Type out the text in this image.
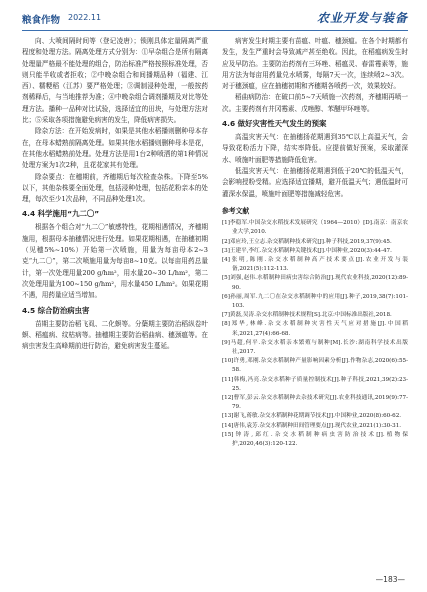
粮食作物 2022.11	农业开发与装备

向、大喷间隔时间等（登记凌唐）；锁刚具体定量隔离严重程度和处理方法。隔离处理方式分别为：①早杂组合是所有隔离处理量严格最不能处理的组合，防治标准严格按照标准处理，否则只能半收或者拒收；②中晚杂组合和间播期品种（福建、江西）、糯粳稻（江苏）要严格处理；③调制浸种处理，一般按药剂稀释后，与当地推荐为准；④中晚杂组合调剂播期及对比等处理方法。播种一品种对比试验，选择适宜的田块，与处理方法对比；⑤采取各项措施避免病害的发生，降低病害损失。

除杂方法：在开始发病时，如果是其他水稻播则删种母本存在，在母本蜡熟前隔离处理。如果其他水稻播则删种母本是花，在其他水稻蜡熟前处理。处理方法是用1台2种喷洒的第1种情况处理方案为1次2种，且花花家其有处理。

除杂要点：在穗期前，齐穗期后每次检查杂株。下降至5%以下，其他杂株要全面处理，包括浸种处理，包括花粉亲本的处理，每次至少1次品种，不同品种处理1次。

4.4 科学施用“九二〇”

根据各个组合对“九二〇”敏感特性，花期相遇情况，齐穗期施用，根据母本抽穗情况进行处理。如果花期相遇，在抽穗初期（见穗5%~10%）开始第一次喷施，用量为每亩母本2~3克“九二〇”，第二次喷施用量为每亩8~10克。以每亩用药总量计，第一次处理用量200 g/hm²，用水量20~30 L/hm²，第二次处理用量为100~150 g/hm²，用水量450 L/hm²。如果花期不遇，用药量应适当增加。

4.5 综合防治病虫害

苗期主要防治稻飞虱、二化螟等。分蘖期主要防治稻纵卷叶螟、稻瘟病、纹枯病等。抽穗期主要防治稻曲病、穗颈瘟等。在病虫害发生高峰期前进行防治，避免病害发生蔓延。

病害发生时期主要有苗瘟、叶瘟、穗颈瘟。在各个时期都有发生，发生严重时会导致减产甚至绝收。因此，在稻瘟病发生时应及早防治。主要防治药剂有三环唑、稻瘟灵、春雷霉素等，施用方法为每亩用药量兑水喷雾，每隔7天一次，连续喷2~3次。对于穗颈瘟，应在抽穗初期和齐穗期各喷药一次，效果较好。

稻曲病防治：在破口前5~7天喷施一次药剂，齐穗期再喷一次。主要药剂有井冈霉素、戊唑醇、苯醚甲环唑等。

4.6 做好灾害性天气发生的预案

高温灾害天气：在抽穗扬花期遇到35℃以上高温天气，会导致花粉活力下降，结实率降低。应提前做好预案，采取灌深水、喷施叶面肥等措施降低危害。

低温灾害天气：在抽穗扬花期遇到低于20℃的低温天气，会影响授粉受精。应选择适宜播期，避开低温天气；遇低温时可灌深水保温，喷施叶面肥等措施减轻危害。

参考文献
[1]李稳军.中国杂交水稻技术发展研究（1964—2010）[D].南京：南京农业大学,2010.
[2]邓应玲,王立志.杂交稻制种技术研究[J].种子科技,2019,37(9):45.
[3]王建平,李红.杂交水稻制种关键技术[J].中国种业,2020(3):44-47.
[4]张明,陈刚.杂交水稻制种高产技术要点[J].农业开发与装备,2021(5):112-113.
[5]刘强,赵伟.水稻制种田病虫害综合防治[J].现代农业科技,2020(12):89-90.
[6]孙丽,周军.九二〇在杂交水稻制种中的应用[J].种子,2019,38(7):101-103.
[7]黄磊,吴涛.杂交水稻制种技术规程[S].北京:中国标准出版社,2018.
[8]郑华,林峰.杂交水稻制种灾害性天气应对措施[J].中国稻米,2021,27(4):66-68.
[9]马超,何平.杂交水稻亲本繁殖与制种[M].长沙:湖南科学技术出版社,2017.
[10]许勇,邓刚.杂交水稻制种产量影响因素分析[J].作物杂志,2020(6):55-58.
[11]韩梅,冯亮.杂交水稻种子质量控制技术[J].种子科技,2021,39(2):23-25.
[12]曹军,彭云.杂交水稻制种去杂技术研究[J].农业科技通讯,2019(9):77-79.
[13]谢飞,蒋敏.杂交水稻制种花期调节技术[J].中国种业,2020(8):60-62.
[14]唐伟,袁芳.杂交水稻制种田间管理要点[J].现代农业,2021(1):30-31.
[15]钟涛,邱红.杂交水稻制种病虫害防治技术[J].植物保护,2020,46(3):120-122.
—183—
